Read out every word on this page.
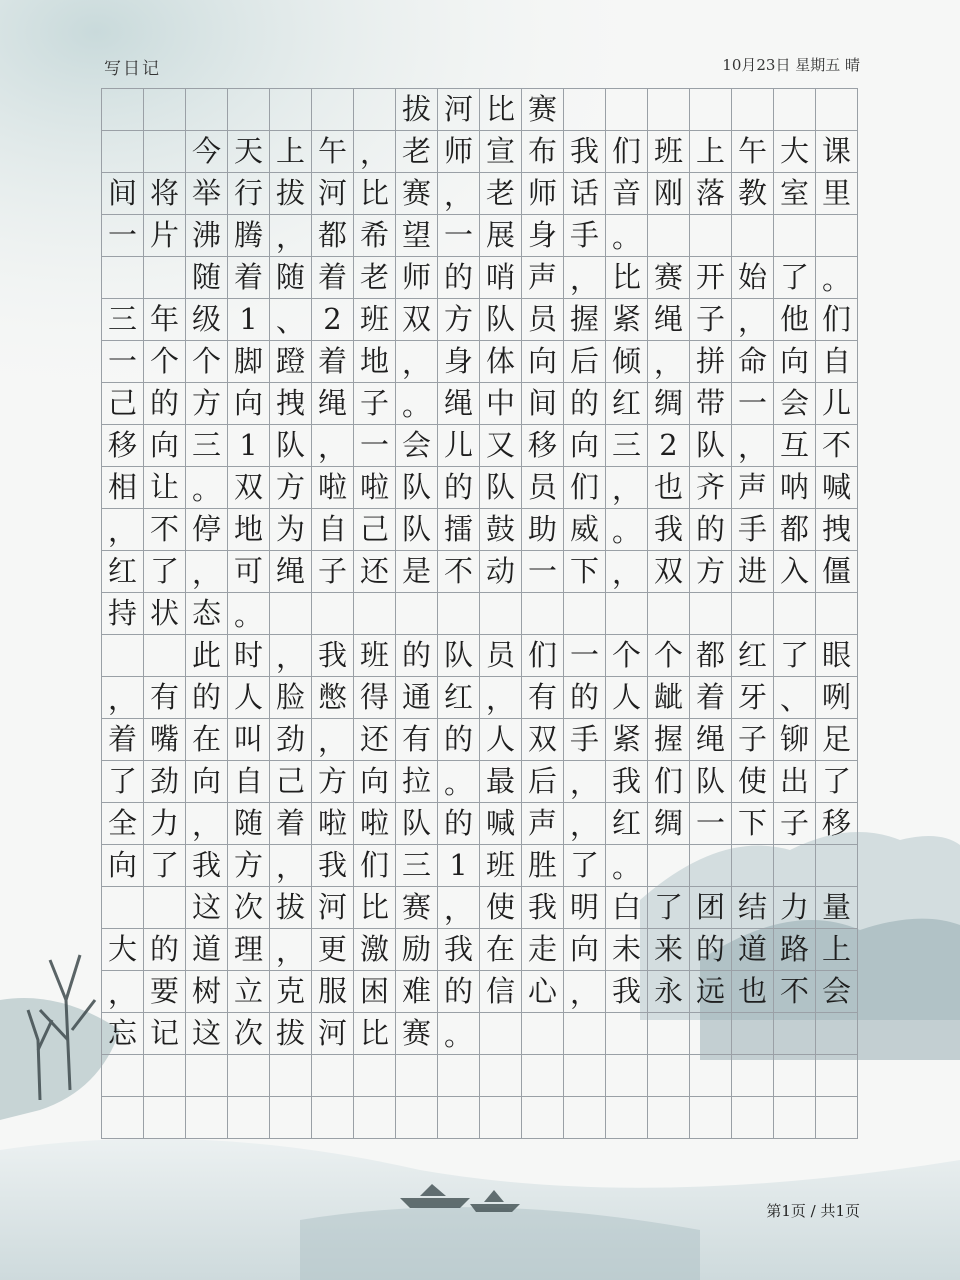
写日记	10月23日 星期五 晴
拔 河 比 赛
今 天 上 午 ， 老 师 宣 布 我 们 班 上 午 大 课
间 将 举 行 拔 河 比 赛 ， 老 师 话 音 刚 落 教 室 里
一 片 沸 腾 ， 都 希 望 一 展 身 手 。
随 着 随 着 老 师 的 哨 声 ， 比 赛 开 始 了 。
三 年 级 1 、 2 班 双 方 队 员 握 紧 绳 子 ， 他 们
一 个 个 脚 蹬 着 地 ， 身 体 向 后 倾 ， 拼 命 向 自
己 的 方 向 拽 绳 子 。 绳 中 间 的 红 绸 带 一 会 儿
移 向 三 1 队 ， 一 会 儿 又 移 向 三 2 队 ， 互 不
相 让 。 双 方 啦 啦 队 的 队 员 们 ， 也 齐 声 呐 喊
， 不 停 地 为 自 己 队 擂 鼓 助 威 。 我 的 手 都 拽
红 了 ， 可 绳 子 还 是 不 动 一 下 ， 双 方 进 入 僵
持 状 态 。
此 时 ， 我 班 的 队 员 们 一 个 个 都 红 了 眼
， 有 的 人 脸 憋 得 通 红 ， 有 的 人 龇 着 牙 、 咧
着 嘴 在 叫 劲 ， 还 有 的 人 双 手 紧 握 绳 子 铆 足
了 劲 向 自 己 方 向 拉 。 最 后 ， 我 们 队 使 出 了
全 力 ， 随 着 啦 啦 队 的 喊 声 ， 红 绸 一 下 子 移
向 了 我 方 ， 我 们 三 1 班 胜 了 。
这 次 拔 河 比 赛 ， 使 我 明 白 了 团 结 力 量
大 的 道 理 ， 更 激 励 我 在 走 向 未 来 的 道 路 上
， 要 树 立 克 服 困 难 的 信 心 ， 我 永 远 也 不 会
忘 记 这 次 拔 河 比 赛 。
第1页 / 共1页
